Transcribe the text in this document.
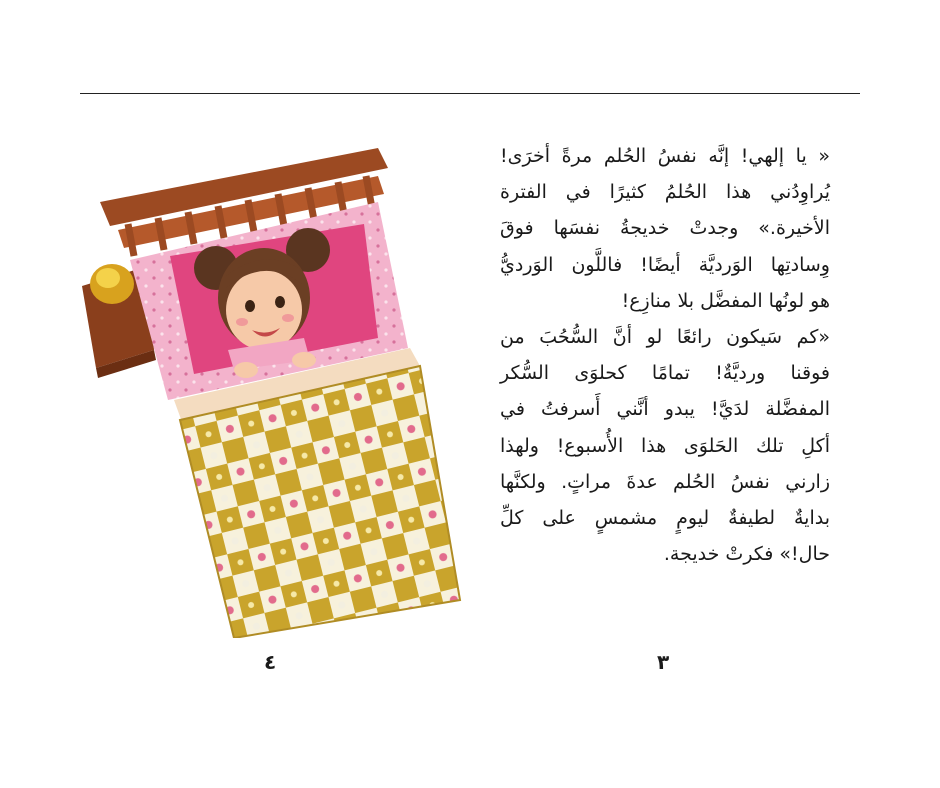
« يا إلهي! إنَّه نفسُ الحُلم مرةً أخرَى!
يُراوِدُني هذا الحُلمُ كثيرًا في الفترة
الأخيرة.» وجدتْ خديجةُ نفسَها فوقَ
وِسادتِها الوَرديَّة أيضًا! فاللَّون الوَرديُّ
هو لونُها المفضَّل بلا منازِع!
«كم سَيكون رائعًا لو أنَّ السُّحُبَ من
فوقنا ورديَّةٌ! تمامًا كحلوَى السُّكر
المفضَّلة لدَيَّ! يبدو أنَّني أَسرفتُ في
أكلِ تلك الحَلوَى هذا الأُسبوع! ولهذا
زارني نفسُ الحُلم عدةَ مراتٍ. ولكنَّها
بدايةٌ لطيفةٌ ليومٍ مشمسٍ على كلِّ
حال!» فكرتْ خديجة.
٤	٣
